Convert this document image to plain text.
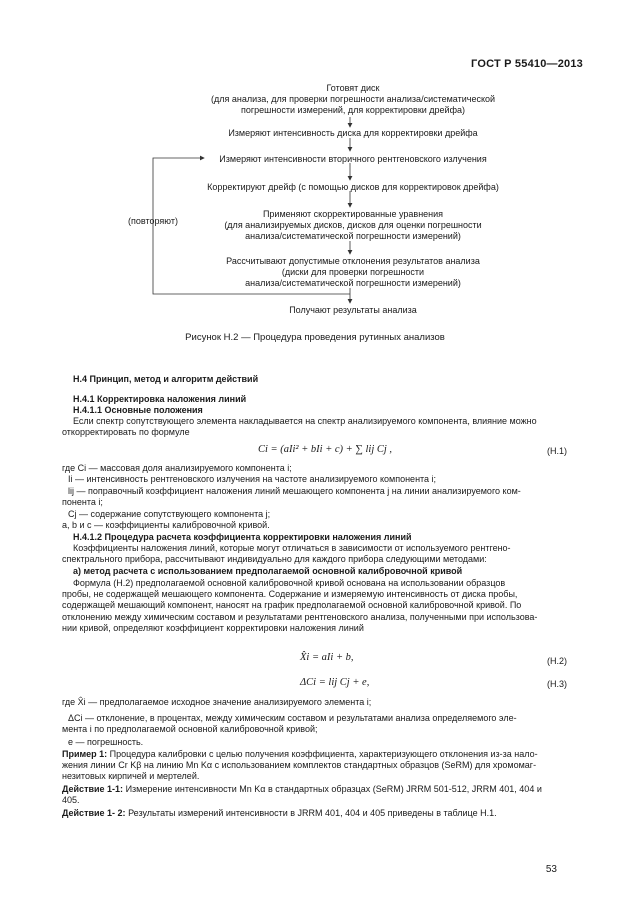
ГОСТ Р 55410—2013
Готовят диск
(для анализа, для проверки погрешности анализа/систематической
погрешности измерений, для корректировки дрейфа)
Измеряют интенсивность диска для корректировки дрейфа
Измеряют интенсивности вторичного рентгеновского излучения
Корректируют дрейф (с помощью дисков для корректировок дрейфа)
Применяют скорректированные уравнения
(для анализируемых дисков, дисков для оценки погрешности
анализа/систематической погрешности измерений)
Рассчитывают допустимые отклонения результатов анализа
(диски для проверки погрешности
анализа/систематической погрешности измерений)
Получают результаты анализа
(повторяют)
Рисунок Н.2 — Процедура проведения рутинных анализов
Н.4 Принцип, метод и алгоритм действий
Н.4.1 Корректировка наложения линий
Н.4.1.1 Основные положения
Если спектр сопутствующего элемента накладывается на спектр анализируемого компонента, влияние можно
откорректировать по формуле
Ci = (aIi² + bIi + c) + ∑ lij Cj ,	(Н.1)
где Ci — массовая доля анализируемого компонента i;
Ii — интенсивность рентгеновского излучения на частоте анализируемого компонента i;
lij — поправочный коэффициент наложения линий мешающего компонента j на линии анализируемого ком-
понента i;
Cj — содержание сопутствующего компонента j;
a, b и c — коэффициенты калибровочной кривой.
Н.4.1.2 Процедура расчета коэффициента корректировки наложения линий
Коэффициенты наложения линий, которые могут отличаться в зависимости от используемого рентгено-
спектрального прибора, рассчитывают индивидуально для каждого прибора следующими методами:
а) метод расчета с использованием предполагаемой основной калибровочной кривой
Формула (Н.2) предполагаемой основной калибровочной кривой основана на использовании образцов
пробы, не содержащей мешающего компонента. Содержание и измеряемую интенсивность от диска пробы,
содержащей мешающий компонент, наносят на график предполагаемой основной калибровочной кривой. По
отклонению между химическим составом и результатами рентгеновского анализа, полученными при использова-
нии кривой, определяют коэффициент корректировки наложения линий
X̂i = aIi + b,	(Н.2)
ΔCi = lij Cj + e,	(Н.3)
где X̂i — предполагаемое исходное значение анализируемого элемента i;
ΔCi — отклонение, в процентах, между химическим составом и результатами анализа определяемого эле-
мента i по предполагаемой основной калибровочной кривой;
e — погрешность.
Пример 1: Процедура калибровки с целью получения коэффициента, характеризующего отклонения из-за нало-
жения линии Cr Kβ на линию Mn Kα с использованием комплектов стандартных образцов (SeRM) для хромомаг-
незитовых кирпичей и мертелей.
Действие 1-1: Измерение интенсивности Mn Kα в стандартных образцах (SeRM) JRRM 501-512, JRRM 401, 404 и
405.
Действие 1- 2: Результаты измерений интенсивности в JRRM 401, 404 и 405 приведены в таблице Н.1.
53
